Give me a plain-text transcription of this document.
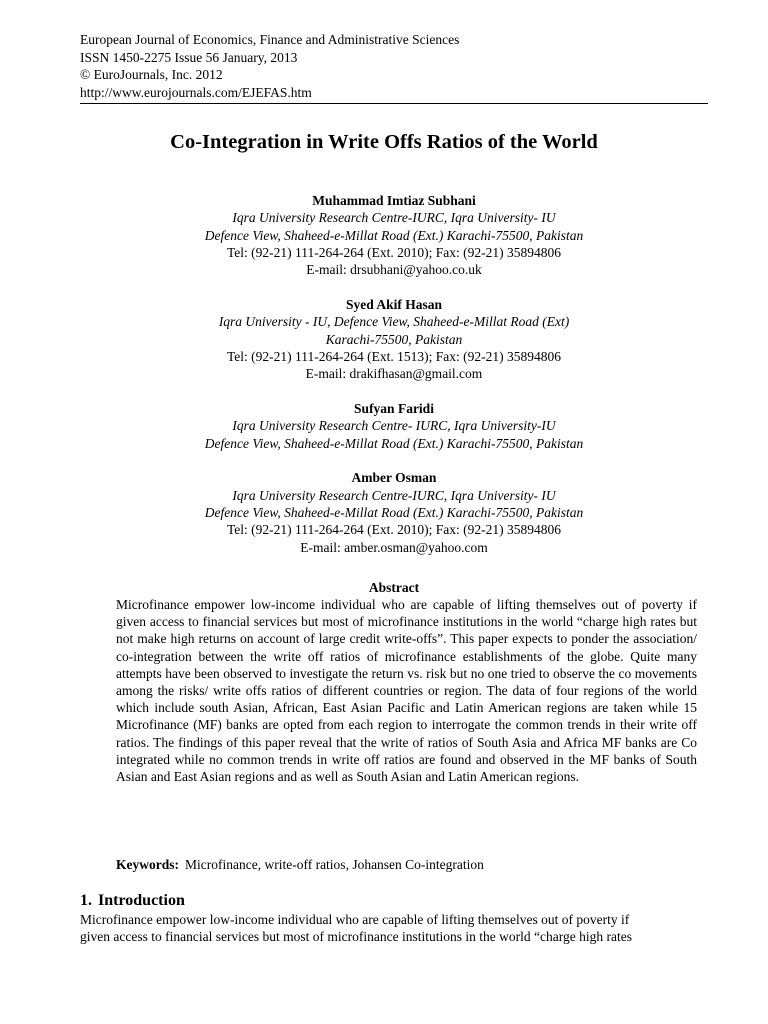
European Journal of Economics, Finance and Administrative Sciences
ISSN 1450-2275 Issue 56 January, 2013
© EuroJournals, Inc. 2012
http://www.eurojournals.com/EJEFAS.htm
Co-Integration in Write Offs Ratios of the World
Muhammad Imtiaz Subhani
Iqra University Research Centre-IURC, Iqra University- IU
Defence View, Shaheed-e-Millat Road (Ext.) Karachi-75500, Pakistan
Tel: (92-21) 111-264-264 (Ext. 2010); Fax: (92-21) 35894806
E-mail: drsubhani@yahoo.co.uk
Syed Akif Hasan
Iqra University - IU, Defence View, Shaheed-e-Millat Road (Ext)
Karachi-75500, Pakistan
Tel: (92-21) 111-264-264 (Ext. 1513); Fax: (92-21) 35894806
E-mail: drakifhasan@gmail.com
Sufyan Faridi
Iqra University Research Centre- IURC, Iqra University-IU
Defence View, Shaheed-e-Millat Road (Ext.) Karachi-75500, Pakistan
Amber Osman
Iqra University Research Centre-IURC, Iqra University- IU
Defence View, Shaheed-e-Millat Road (Ext.) Karachi-75500, Pakistan
Tel: (92-21) 111-264-264 (Ext. 2010); Fax: (92-21) 35894806
E-mail: amber.osman@yahoo.com
Abstract
Microfinance empower low-income individual who are capable of lifting themselves out of poverty if given access to financial services but most of microfinance institutions in the world “charge high rates but not make high returns on account of large credit write-offs”. This paper expects to ponder the association/ co-integration between the write off ratios of microfinance establishments of the globe. Quite many attempts have been observed to investigate the return vs. risk but no one tried to observe the co movements among the risks/ write offs ratios of different countries or region. The data of four regions of the world which include south Asian, African, East Asian Pacific and Latin American regions are taken while 15 Microfinance (MF) banks are opted from each region to interrogate the common trends in their write off ratios. The findings of this paper reveal that the write of ratios of South Asia and Africa MF banks are Co integrated while no common trends in write off ratios are found and observed in the MF banks of South Asian and East Asian regions and as well as South Asian and Latin American regions.
Keywords: Microfinance, write-off ratios, Johansen Co-integration
1. Introduction
Microfinance empower low-income individual who are capable of lifting themselves out of poverty if
given access to financial services but most of microfinance institutions in the world “charge high rates
